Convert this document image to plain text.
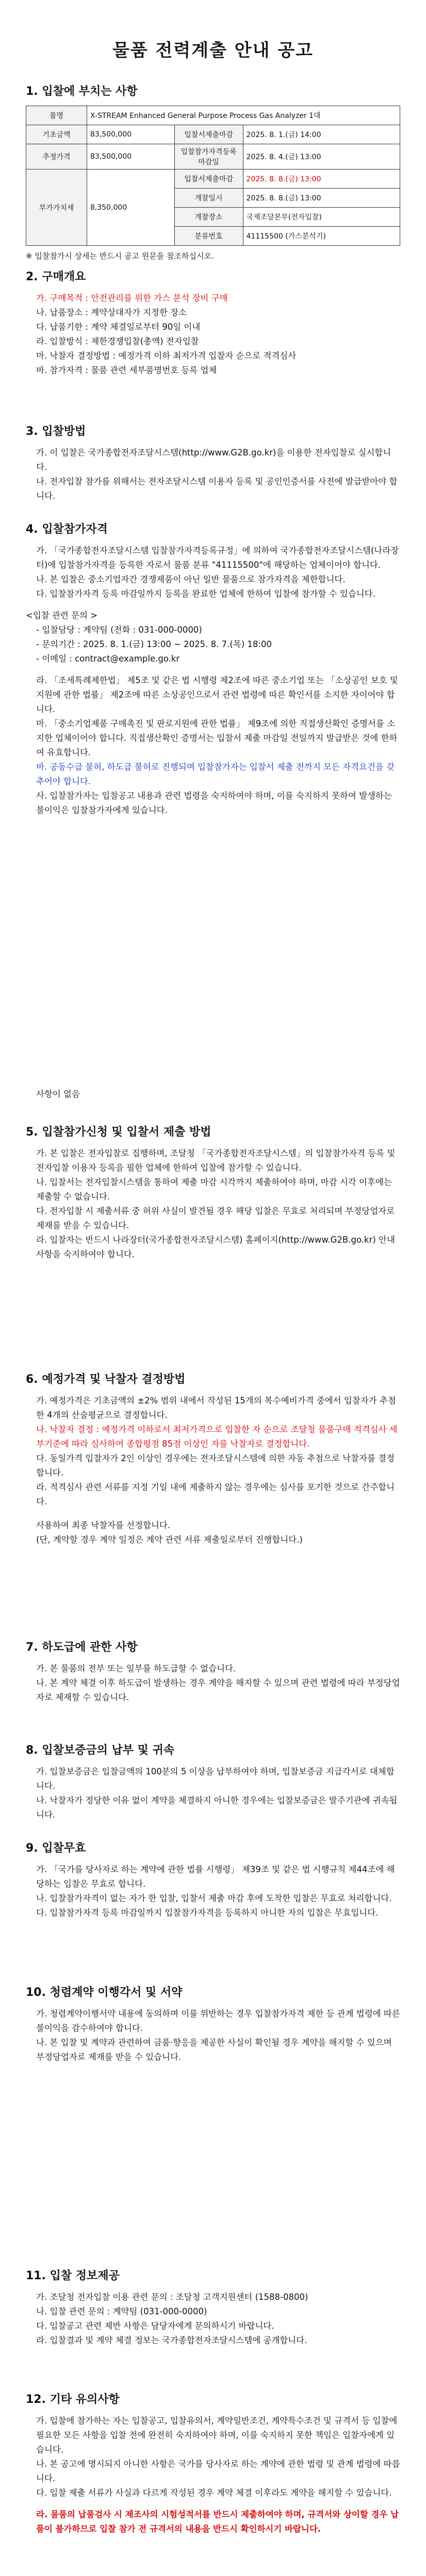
물품 전력계출 안내 공고

1. 입찰에 부치는 사항

품명	X-STREAM Enhanced General Purpose Process Gas Analyzer 1대		
기초금액	83,500,000	입찰서제출마감	2025. 8. 1.(금) 14:00
추정가격	83,500,000	입찰참가자격등록마감일	2025. 8. 4.(금) 13:00
부가가치세	8,350,000	입찰서제출마감	2025. 8. 8.(금) 13:00
		개찰일시	2025. 8. 8.(금) 13:00
		개찰장소	국제조달본부(전자입찰)
		분류번호	41115500 (가스분석기)

※ 입찰참가시 상세는 반드시 공고 원문을 참조하십시오.

2. 구매개요

가. 구매목적 : 안전관리를 위한 가스 분석 장비 구매

나. 납품장소 : 계약상대자가 지정한 장소

다. 납품기한 : 계약 체결일로부터 90일 이내

라. 입찰방식 : 제한경쟁입찰(총액) 전자입찰

마. 낙찰자 결정방법 : 예정가격 이하 최저가격 입찰자 순으로 적격심사

바. 참가자격 : 물품 관련 세부품명번호 등록 업체

3. 입찰방법

가. 이 입찰은 국가종합전자조달시스템(http://www.G2B.go.kr)을 이용한 전자입찰로 실시합니다.

나. 전자입찰 참가를 위해서는 전자조달시스템 이용자 등록 및 공인인증서를 사전에 발급받아야 합니다.

4. 입찰참가자격

가. 「국가종합전자조달시스템 입찰참가자격등록규정」에 의하여 국가종합전자조달시스템(나라장터)에 입찰참가자격을 등록한 자로서 물품 분류 "41115500"에 해당하는 업체이어야 합니다.

나. 본 입찰은 중소기업자간 경쟁제품이 아닌 일반 물품으로 참가자격을 제한합니다.

다. 입찰참가자격 등록 마감일까지 등록을 완료한 업체에 한하여 입찰에 참가할 수 있습니다.

<입찰 관련 문의 >

- 입찰담당 : 계약팀 (전화 : 031-000-0000)

- 문의기간 : 2025. 8. 1.(금) 13:00 ~ 2025. 8. 7.(목) 18:00

- 이메일 : contract@example.go.kr

라. 「조세특례제한법」 제5조 및 같은 법 시행령 제2조에 따른 중소기업 또는 「소상공인 보호 및 지원에 관한 법률」 제2조에 따른 소상공인으로서 관련 법령에 따른 확인서를 소지한 자이어야 합니다.

마. 「중소기업제품 구매촉진 및 판로지원에 관한 법률」 제9조에 의한 직접생산확인 증명서를 소지한 업체이어야 합니다. 직접생산확인 증명서는 입찰서 제출 마감일 전일까지 발급받은 것에 한하여 유효합니다.

바. 공동수급 불허, 하도급 불허로 진행되며 입찰참가자는 입찰서 제출 전까지 모든 자격요건을 갖추어야 합니다.

사. 입찰참가자는 입찰공고 내용과 관련 법령을 숙지하여야 하며, 이를 숙지하지 못하여 발생하는 불이익은 입찰참가자에게 있습니다.

사항이 없음

5. 입찰참가신청 및 입찰서 제출 방법

가. 본 입찰은 전자입찰로 집행하며, 조달청 「국가종합전자조달시스템」의 입찰참가자격 등록 및 전자입찰 이용자 등록을 필한 업체에 한하여 입찰에 참가할 수 있습니다.

나. 입찰서는 전자입찰시스템을 통하여 제출 마감 시각까지 제출하여야 하며, 마감 시각 이후에는 제출할 수 없습니다.

다. 전자입찰 시 제출서류 중 허위 사실이 발견될 경우 해당 입찰은 무효로 처리되며 부정당업자로 제재를 받을 수 있습니다.

라. 입찰자는 반드시 나라장터(국가종합전자조달시스템) 홈페이지(http://www.G2B.go.kr) 안내사항을 숙지하여야 합니다.

6. 예정가격 및 낙찰자 결정방법

가. 예정가격은 기초금액의 ±2% 범위 내에서 작성된 15개의 복수예비가격 중에서 입찰자가 추첨한 4개의 산술평균으로 결정합니다.

나. 낙찰자 결정 : 예정가격 이하로서 최저가격으로 입찰한 자 순으로 조달청 물품구매 적격심사 세부기준에 따라 심사하여 종합평점 85점 이상인 자를 낙찰자로 결정합니다.

다. 동일가격 입찰자가 2인 이상인 경우에는 전자조달시스템에 의한 자동 추첨으로 낙찰자를 결정합니다.

라. 적격심사 관련 서류를 지정 기일 내에 제출하지 않는 경우에는 심사를 포기한 것으로 간주합니다.

사용하여 최종 낙찰자를 선정합니다.

(단, 계약할 경우 계약 일정은 계약 관련 서류 제출일로부터 진행합니다.)

7. 하도급에 관한 사항

가. 본 물품의 전부 또는 일부를 하도급할 수 없습니다.

나. 본 계약 체결 이후 하도급이 발생하는 경우 계약을 해지할 수 있으며 관련 법령에 따라 부정당업자로 제재할 수 있습니다.

8. 입찰보증금의 납부 및 귀속

가. 입찰보증금은 입찰금액의 100분의 5 이상을 납부하여야 하며, 입찰보증금 지급각서로 대체합니다.

나. 낙찰자가 정당한 이유 없이 계약을 체결하지 아니한 경우에는 입찰보증금은 발주기관에 귀속됩니다.

9. 입찰무효

가. 「국가를 당사자로 하는 계약에 관한 법률 시행령」 제39조 및 같은 법 시행규칙 제44조에 해당하는 입찰은 무효로 합니다.

나. 입찰참가자격이 없는 자가 한 입찰, 입찰서 제출 마감 후에 도착한 입찰은 무효로 처리합니다.

다. 입찰참가자격 등록 마감일까지 입찰참가자격을 등록하지 아니한 자의 입찰은 무효입니다.

10. 청렴계약 이행각서 및 서약

가. 청렴계약이행서약 내용에 동의하며 이를 위반하는 경우 입찰참가자격 제한 등 관계 법령에 따른 불이익을 감수하여야 합니다.

나. 본 입찰 및 계약과 관련하여 금품·향응을 제공한 사실이 확인될 경우 계약을 해지할 수 있으며 부정당업자로 제재를 받을 수 있습니다.

11. 입찰 정보제공

가. 조달청 전자입찰 이용 관련 문의 : 조달청 고객지원센터 (1588-0800)

나. 입찰 관련 문의 : 계약팀 (031-000-0000)

다. 입찰공고 관련 제반 사항은 담당자에게 문의하시기 바랍니다.

라. 입찰결과 및 계약 체결 정보는 국가종합전자조달시스템에 공개합니다.

12. 기타 유의사항

가. 입찰에 참가하는 자는 입찰공고, 입찰유의서, 계약일반조건, 계약특수조건 및 규격서 등 입찰에 필요한 모든 사항을 입찰 전에 완전히 숙지하여야 하며, 이를 숙지하지 못한 책임은 입찰자에게 있습니다.

나. 본 공고에 명시되지 아니한 사항은 국가를 당사자로 하는 계약에 관한 법령 및 관계 법령에 따릅니다.

다. 입찰 제출 서류가 사실과 다르게 작성된 경우 계약 체결 이후라도 계약을 해지할 수 있습니다.

라. 물품의 납품검사 시 제조사의 시험성적서를 반드시 제출하여야 하며, 규격서와 상이할 경우 납품이 불가하므로 입찰 참가 전 규격서의 내용을 반드시 확인하시기 바랍니다.
